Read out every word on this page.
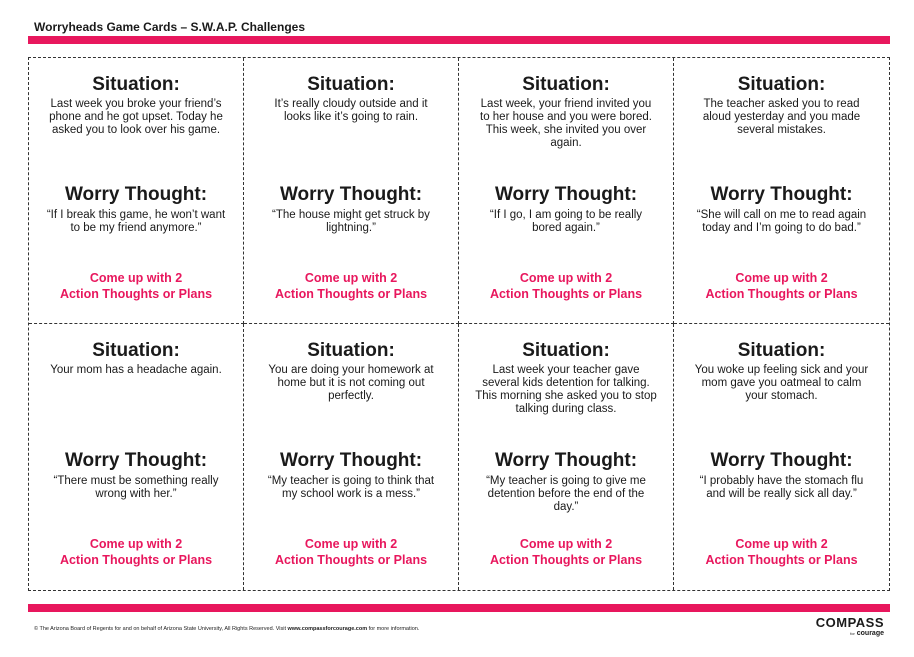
Worryheads Game Cards – S.W.A.P. Challenges
Situation:
Last week you broke your friend’s phone and he got upset. Today he asked you to look over his game.
Worry Thought:
“If I break this game, he won’t want to be my friend anymore.”
Come up with 2
Action Thoughts or Plans
Situation:
It’s really cloudy outside and it looks like it’s going to rain.
Worry Thought:
“The house might get struck by lightning.”
Come up with 2
Action Thoughts or Plans
Situation:
Last week, your friend invited you to her house and you were bored. This week, she invited you over again.
Worry Thought:
“If I go, I am going to be really bored again.”
Come up with 2
Action Thoughts or Plans
Situation:
The teacher asked you to read aloud yesterday and you made several mistakes.
Worry Thought:
“She will call on me to read again today and I’m going to do bad.”
Come up with 2
Action Thoughts or Plans
Situation:
Your mom has a headache again.
Worry Thought:
“There must be something really wrong with her.”
Come up with 2
Action Thoughts or Plans
Situation:
You are doing your homework at home but it is not coming out perfectly.
Worry Thought:
“My teacher is going to think that my school work is a mess.”
Come up with 2
Action Thoughts or Plans
Situation:
Last week your teacher gave several kids detention for talking. This morning she asked you to stop talking during class.
Worry Thought:
“My teacher is going to give me detention before the end of the day.”
Come up with 2
Action Thoughts or Plans
Situation:
You woke up feeling sick and your mom gave you oatmeal to calm your stomach.
Worry Thought:
“I probably have the stomach flu and will be really sick all day.”
Come up with 2
Action Thoughts or Plans
© The Arizona Board of Regents for and on behalf of Arizona State University, All Rights Reserved. Visit www.compassforcourage.com for more information.	COMPASS
for courage
